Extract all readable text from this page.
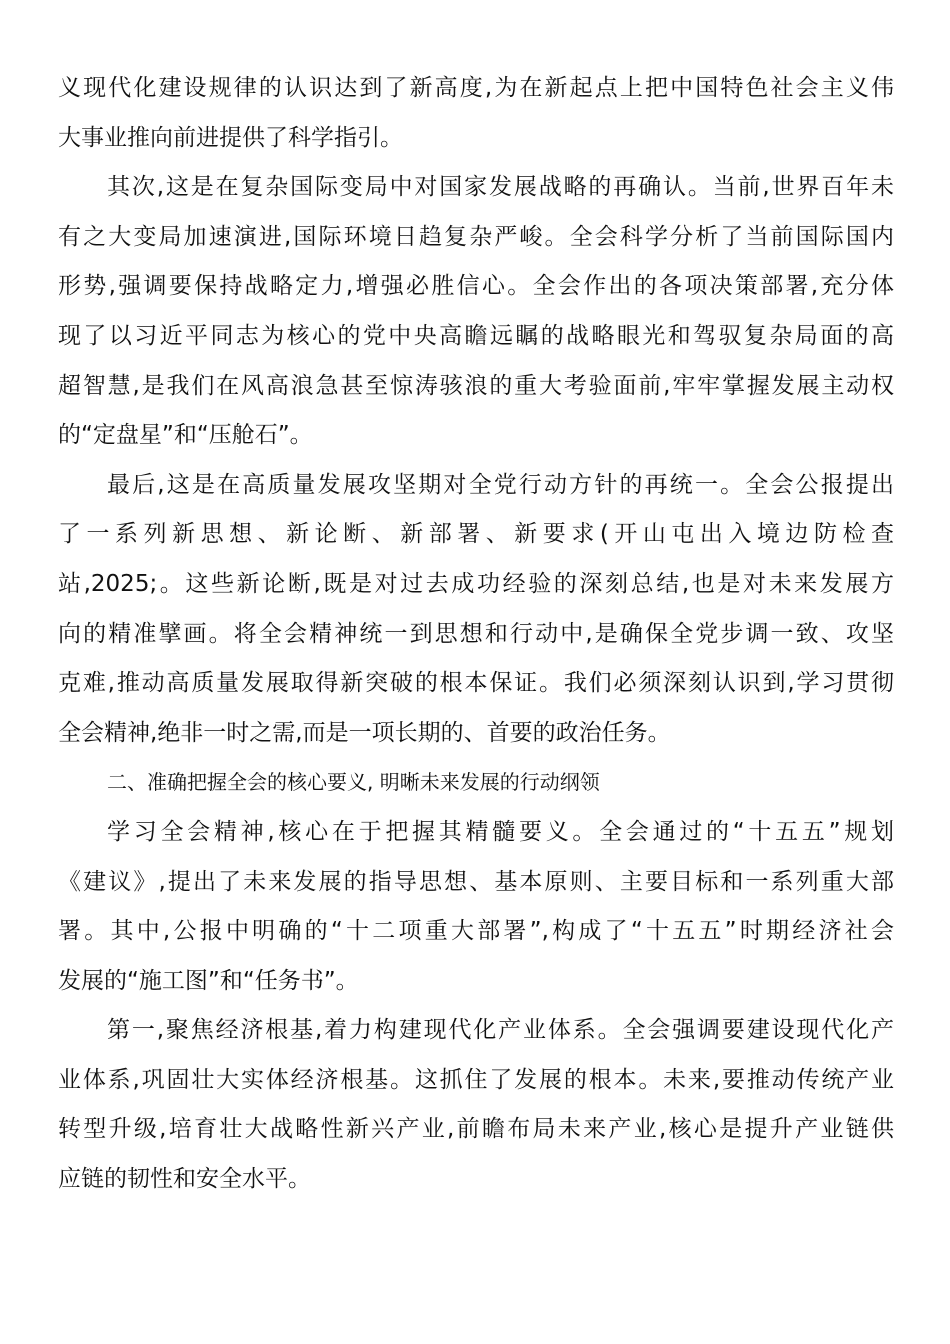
义现代化建设规律的认识达到了新高度,为在新起点上把中国特色社会主义伟
大事业推向前进提供了科学指引。
其次,这是在复杂国际变局中对国家发展战略的再确认。当前,世界百年未
有之大变局加速演进,国际环境日趋复杂严峻。全会科学分析了当前国际国内
形势,强调要保持战略定力,增强必胜信心。全会作出的各项决策部署,充分体
现了以习近平同志为核心的党中央高瞻远瞩的战略眼光和驾驭复杂局面的高
超智慧,是我们在风高浪急甚至惊涛骇浪的重大考验面前,牢牢掌握发展主动权
的“定盘星”和“压舱石”。
最后,这是在高质量发展攻坚期对全党行动方针的再统一。全会公报提出
了一系列新思想、新论断、新部署、新要求(开山屯出入境边防检查
站,2025;。这些新论断,既是对过去成功经验的深刻总结,也是对未来发展方
向的精准擘画。将全会精神统一到思想和行动中,是确保全党步调一致、攻坚
克难,推动高质量发展取得新突破的根本保证。我们必须深刻认识到,学习贯彻
全会精神,绝非一时之需,而是一项长期的、首要的政治任务。
二、准确把握全会的核心要义, 明晰未来发展的行动纲领
学习全会精神,核心在于把握其精髓要义。全会通过的“十五五”规划
《建议》,提出了未来发展的指导思想、基本原则、主要目标和一系列重大部
署。其中,公报中明确的“十二项重大部署”,构成了“十五五”时期经济社会
发展的“施工图”和“任务书”。
第一,聚焦经济根基,着力构建现代化产业体系。全会强调要建设现代化产
业体系,巩固壮大实体经济根基。这抓住了发展的根本。未来,要推动传统产业
转型升级,培育壮大战略性新兴产业,前瞻布局未来产业,核心是提升产业链供
应链的韧性和安全水平。
